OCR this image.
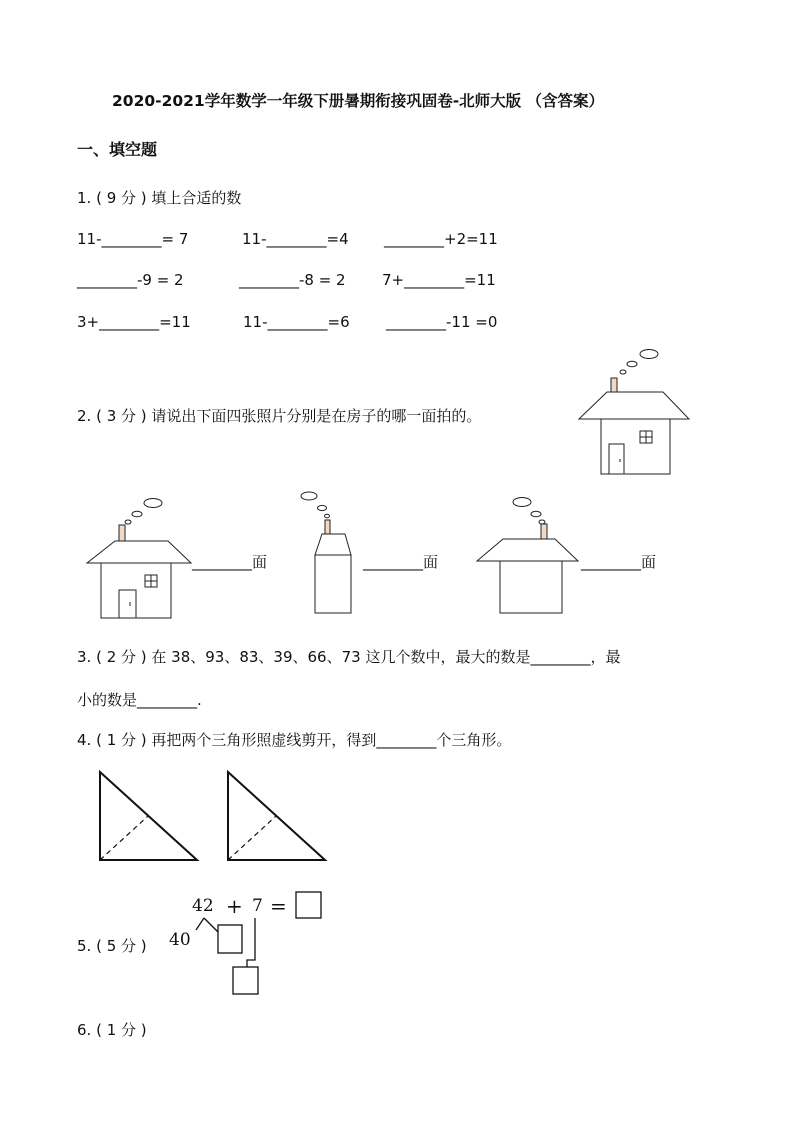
2020-2021学年数学一年级下册暑期衔接巩固卷-北师大版 （含答案）
一、填空题
1. ( 9 分 ) 填上合适的数
11-________= 7	11-________=4 ________+2=11
________-9 = 2	________-8 = 2 7+________=11
3+________=11	11-________=6 ________-11 =0
2. ( 3 分 ) 请说出下面四张照片分别是在房子的哪一面拍的。
________面	________面	________面
3. ( 2 分 ) 在 38、93、83、39、66、73 这几个数中，最大的数是________，最
小的数是________.
4. ( 1 分 ) 再把两个三角形照虚线剪开，得到________个三角形。
5. ( 5 分 )
42 + 7 =
40
6. ( 1 分 )
